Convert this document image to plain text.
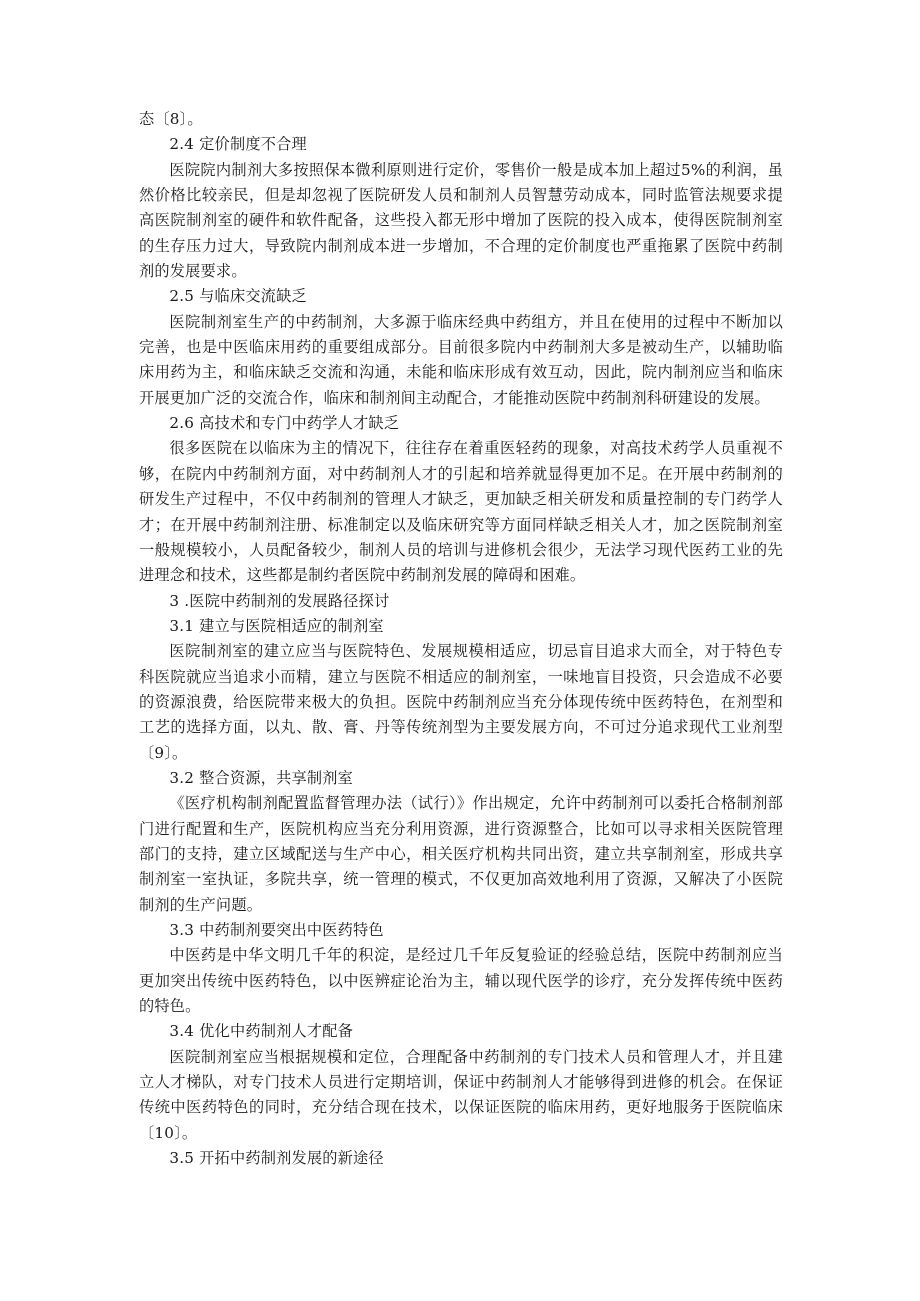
态〔8〕。

2.4 定价制度不合理

医院院内制剂大多按照保本微利原则进行定价，零售价一般是成本加上超过5%的利润，虽然价格比较亲民，但是却忽视了医院研发人员和制剂人员智慧劳动成本，同时监管法规要求提高医院制剂室的硬件和软件配备，这些投入都无形中增加了医院的投入成本，使得医院制剂室的生存压力过大，导致院内制剂成本进一步增加，不合理的定价制度也严重拖累了医院中药制剂的发展要求。

2.5 与临床交流缺乏

医院制剂室生产的中药制剂，大多源于临床经典中药组方，并且在使用的过程中不断加以完善，也是中医临床用药的重要组成部分。目前很多院内中药制剂大多是被动生产，以辅助临床用药为主，和临床缺乏交流和沟通，未能和临床形成有效互动，因此，院内制剂应当和临床开展更加广泛的交流合作，临床和制剂间主动配合，才能推动医院中药制剂科研建设的发展。

2.6 高技术和专门中药学人才缺乏

很多医院在以临床为主的情况下，往往存在着重医轻药的现象，对高技术药学人员重视不够，在院内中药制剂方面，对中药制剂人才的引起和培养就显得更加不足。在开展中药制剂的研发生产过程中，不仅中药制剂的管理人才缺乏，更加缺乏相关研发和质量控制的专门药学人才；在开展中药制剂注册、标准制定以及临床研究等方面同样缺乏相关人才，加之医院制剂室一般规模较小，人员配备较少，制剂人员的培训与进修机会很少，无法学习现代医药工业的先进理念和技术，这些都是制约者医院中药制剂发展的障碍和困难。

3 .医院中药制剂的发展路径探讨

3.1 建立与医院相适应的制剂室

医院制剂室的建立应当与医院特色、发展规模相适应，切忌盲目追求大而全，对于特色专科医院就应当追求小而精，建立与医院不相适应的制剂室，一味地盲目投资，只会造成不必要的资源浪费，给医院带来极大的负担。医院中药制剂应当充分体现传统中医药特色，在剂型和工艺的选择方面，以丸、散、膏、丹等传统剂型为主要发展方向，不可过分追求现代工业剂型〔9〕。

3.2 整合资源，共享制剂室

《医疗机构制剂配置监督管理办法（试行）》作出规定，允许中药制剂可以委托合格制剂部门进行配置和生产，医院机构应当充分利用资源，进行资源整合，比如可以寻求相关医院管理部门的支持，建立区域配送与生产中心，相关医疗机构共同出资，建立共享制剂室，形成共享制剂室一室执证，多院共享，统一管理的模式，不仅更加高效地利用了资源，又解决了小医院制剂的生产问题。

3.3 中药制剂要突出中医药特色

中医药是中华文明几千年的积淀，是经过几千年反复验证的经验总结，医院中药制剂应当更加突出传统中医药特色，以中医辨症论治为主，辅以现代医学的诊疗，充分发挥传统中医药的特色。

3.4 优化中药制剂人才配备

医院制剂室应当根据规模和定位，合理配备中药制剂的专门技术人员和管理人才，并且建立人才梯队，对专门技术人员进行定期培训，保证中药制剂人才能够得到进修的机会。在保证传统中医药特色的同时，充分结合现在技术，以保证医院的临床用药，更好地服务于医院临床〔10〕。

3.5 开拓中药制剂发展的新途径
